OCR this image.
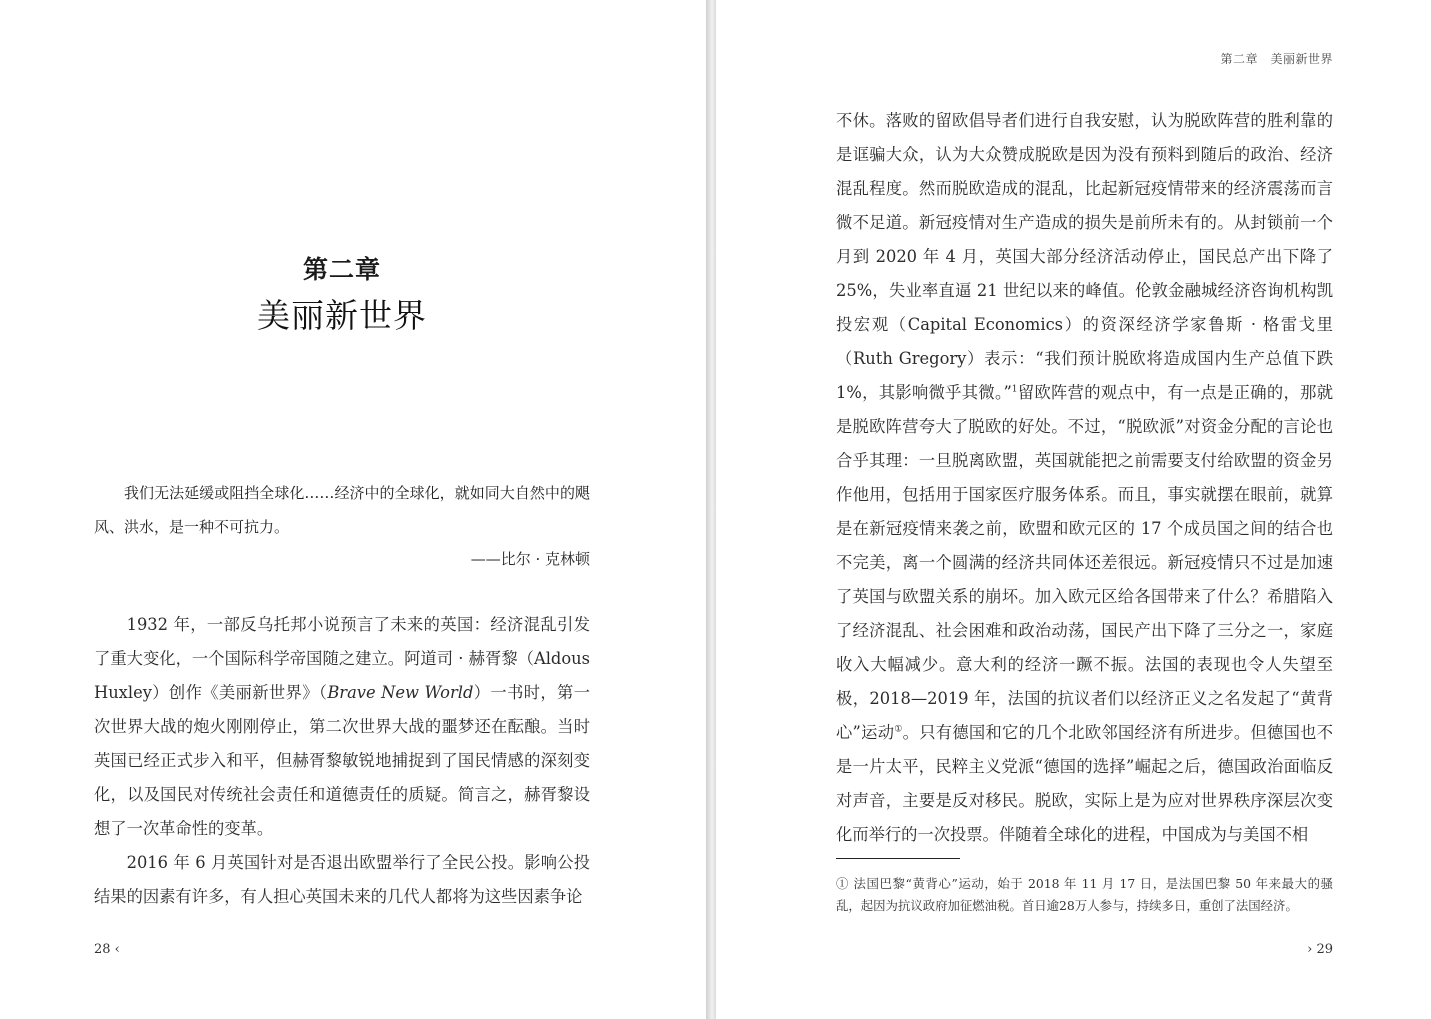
第二章
美丽新世界
我们无法延缓或阻挡全球化……经济中的全球化，就如同大自然中的飓风、洪水，是一种不可抗力。
——比尔 · 克林顿

1932 年，一部反乌托邦小说预言了未来的英国：经济混乱引发了重大变化，一个国际科学帝国随之建立。阿道司 · 赫胥黎（Aldous Huxley）创作《美丽新世界》（Brave New World）一书时，第一次世界大战的炮火刚刚停止，第二次世界大战的噩梦还在酝酿。当时英国已经正式步入和平，但赫胥黎敏锐地捕捉到了国民情感的深刻变化，以及国民对传统社会责任和道德责任的质疑。简言之，赫胥黎设想了一次革命性的变革。

2016 年 6 月英国针对是否退出欧盟举行了全民公投。影响公投结果的因素有许多，有人担心英国未来的几代人都将为这些因素争论

28 ‹
第二章　美丽新世界

不休。落败的留欧倡导者们进行自我安慰，认为脱欧阵营的胜利靠的是诓骗大众，认为大众赞成脱欧是因为没有预料到随后的政治、经济混乱程度。然而脱欧造成的混乱，比起新冠疫情带来的经济震荡而言微不足道。新冠疫情对生产造成的损失是前所未有的。从封锁前一个月到 2020 年 4 月，英国大部分经济活动停止，国民总产出下降了 25%，失业率直逼 21 世纪以来的峰值。伦敦金融城经济咨询机构凯投宏观（Capital Economics）的资深经济学家鲁斯 · 格雷戈里（Ruth Gregory）表示：“我们预计脱欧将造成国内生产总值下跌 1%，其影响微乎其微。”$^1$留欧阵营的观点中，有一点是正确的，那就是脱欧阵营夸大了脱欧的好处。不过，“脱欧派”对资金分配的言论也合乎其理：一旦脱离欧盟，英国就能把之前需要支付给欧盟的资金另作他用，包括用于国家医疗服务体系。而且，事实就摆在眼前，就算是在新冠疫情来袭之前，欧盟和欧元区的 17 个成员国之间的结合也不完美，离一个圆满的经济共同体还差很远。新冠疫情只不过是加速了英国与欧盟关系的崩坏。加入欧元区给各国带来了什么？希腊陷入了经济混乱、社会困难和政治动荡，国民产出下降了三分之一，家庭收入大幅减少。意大利的经济一蹶不振。法国的表现也令人失望至极，2018—2019 年，法国的抗议者们以经济正义之名发起了“黄背心”运动①。只有德国和它的几个北欧邻国经济有所进步。但德国也不是一片太平，民粹主义党派“德国的选择”崛起之后，德国政治面临反对声音，主要是反对移民。脱欧，实际上是为应对世界秩序深层次变化而举行的一次投票。伴随着全球化的进程，中国成为与美国不相

① 法国巴黎“黄背心”运动，始于 2018 年 11 月 17 日，是法国巴黎 50 年来最大的骚乱，起因为抗议政府加征燃油税。首日逾28万人参与，持续多日，重创了法国经济。
› 29
